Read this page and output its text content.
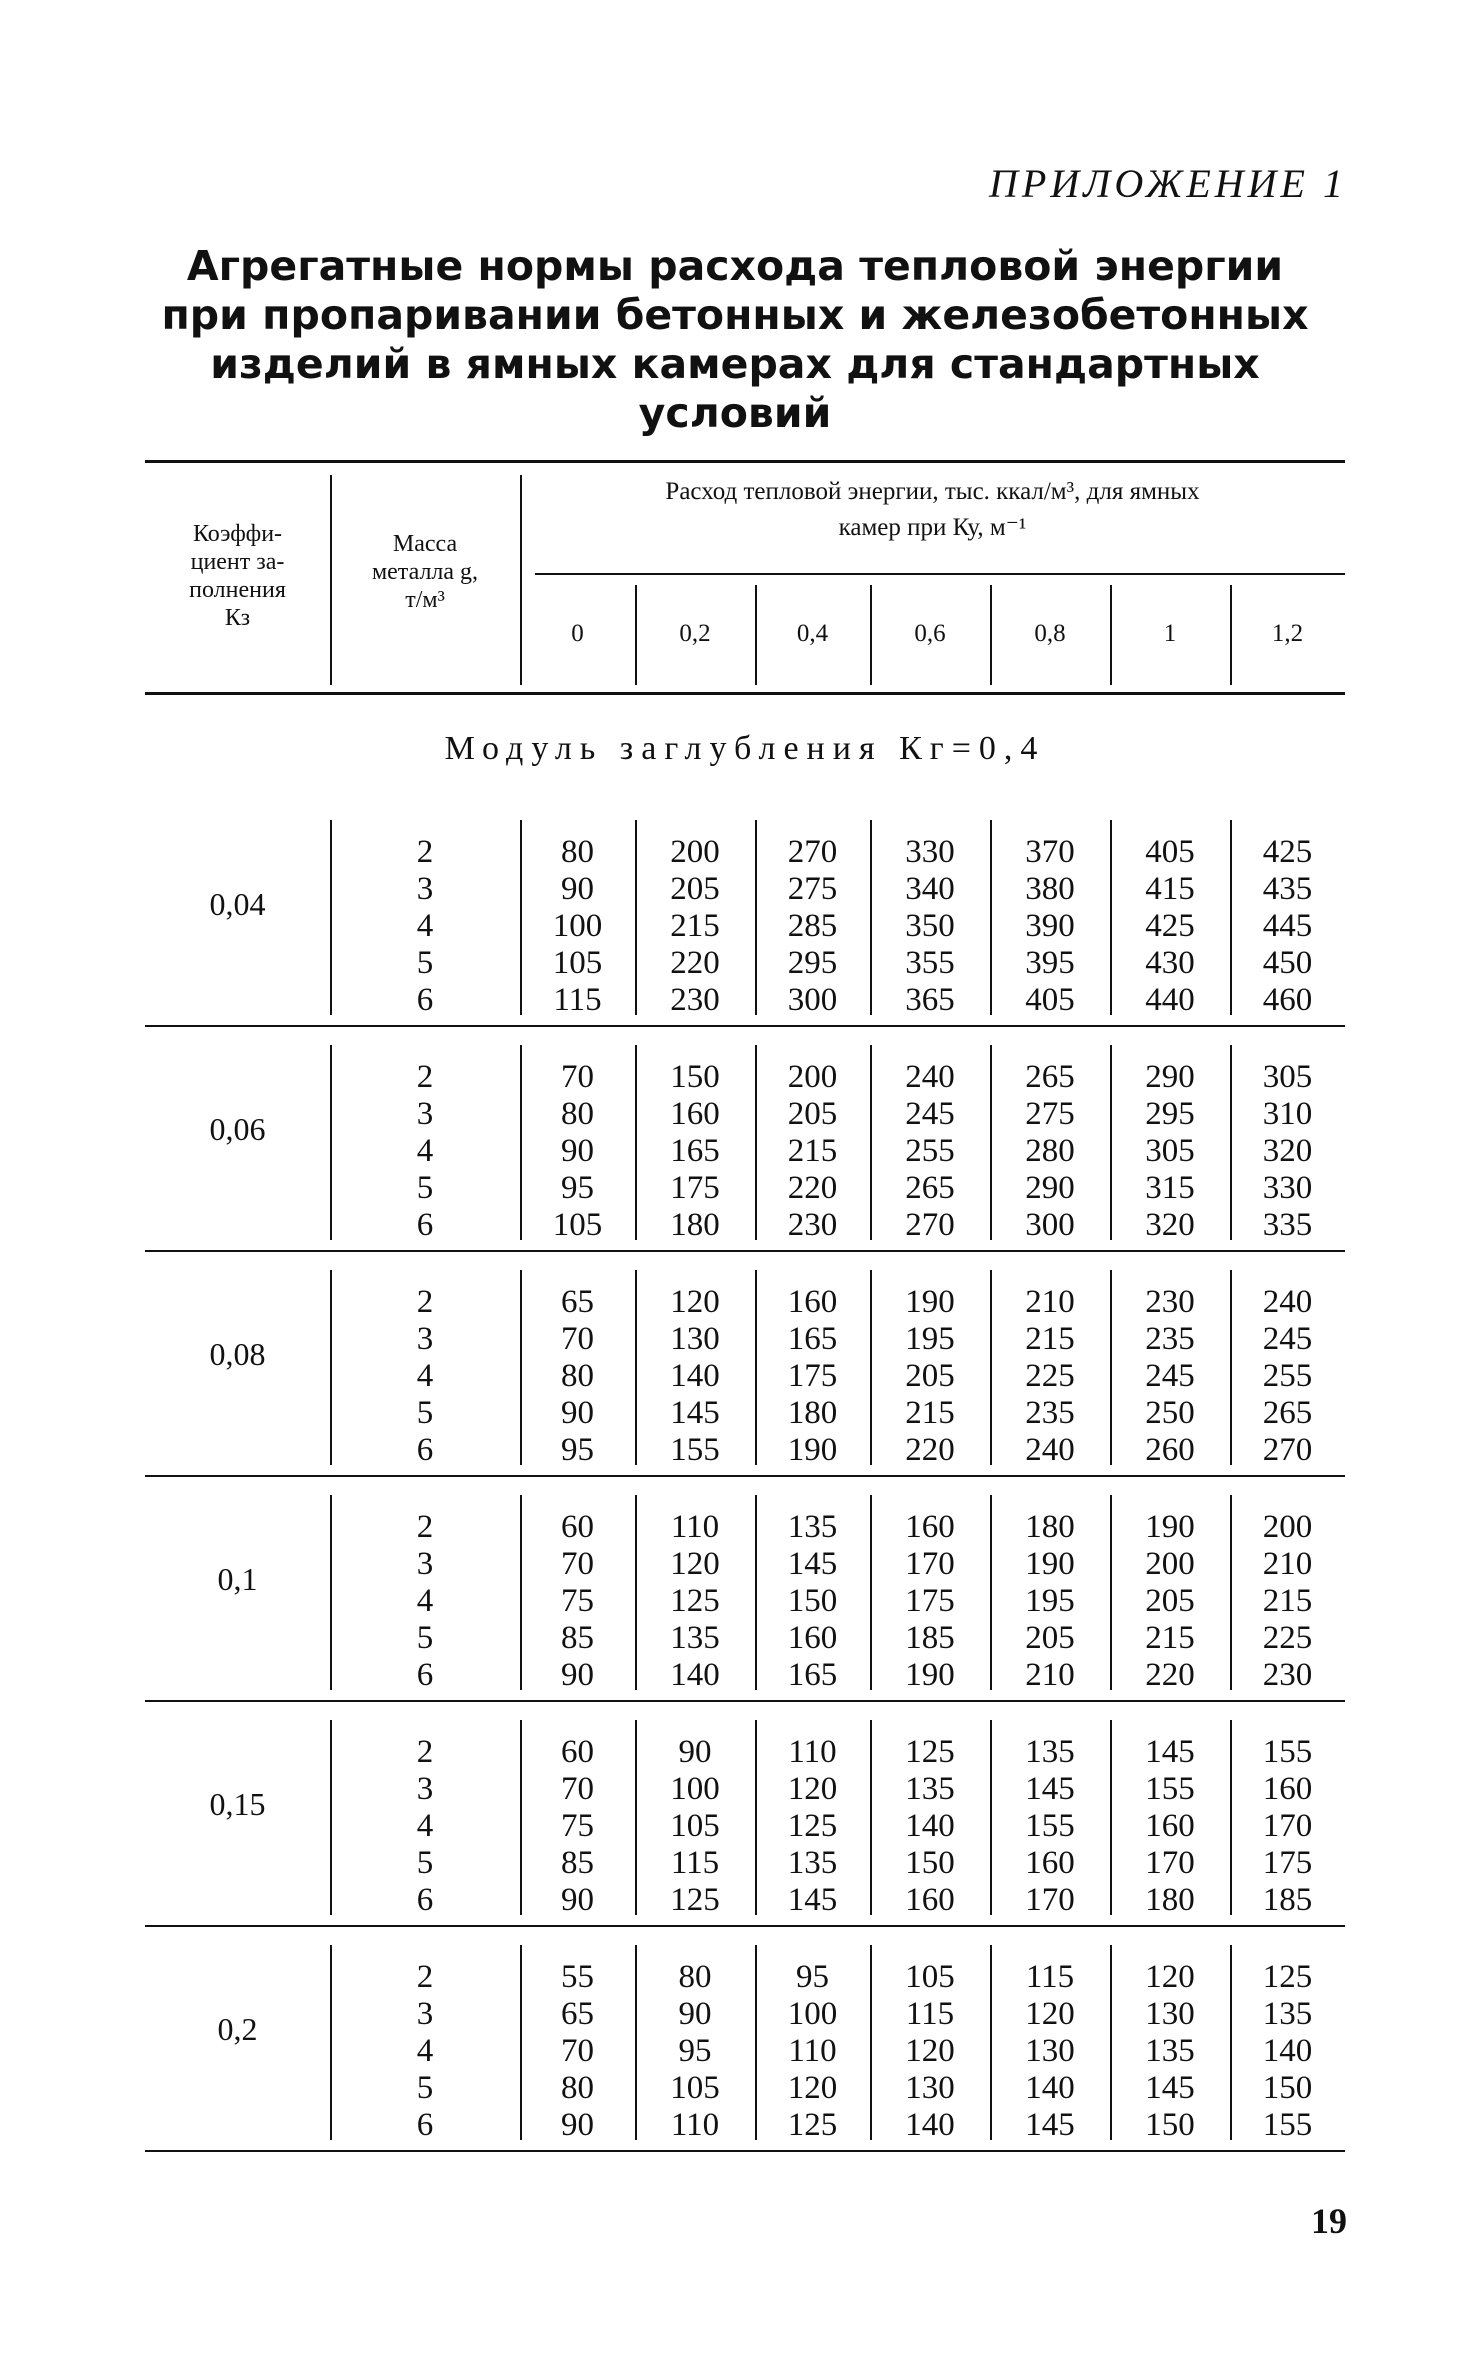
ПРИЛОЖЕНИЕ 1
Агрегатные нормы расхода тепловой энергии
при пропаривании бетонных и железобетонных
изделий в ямных камерах для стандартных
условий
Коэффи-
циент за-
полнения
Кз
Масса
металла g,
т/м³
Расход тепловой энергии, тыс. ккал/м³, для ямных
камер при Ку, м⁻¹
0	0,2	0,4	0,6	0,8	1	1,2
Модуль заглубления Кг=0,4
0,04
2	80	200	270	330	370	405	425
3	90	205	275	340	380	415	435
4	100	215	285	350	390	425	445
5	105	220	295	355	395	430	450
6	115	230	300	365	405	440	460
0,06
2	70	150	200	240	265	290	305
3	80	160	205	245	275	295	310
4	90	165	215	255	280	305	320
5	95	175	220	265	290	315	330
6	105	180	230	270	300	320	335
0,08
2	65	120	160	190	210	230	240
3	70	130	165	195	215	235	245
4	80	140	175	205	225	245	255
5	90	145	180	215	235	250	265
6	95	155	190	220	240	260	270
0,1
2	60	110	135	160	180	190	200
3	70	120	145	170	190	200	210
4	75	125	150	175	195	205	215
5	85	135	160	185	205	215	225
6	90	140	165	190	210	220	230
0,15
2	60	90	110	125	135	145	155
3	70	100	120	135	145	155	160
4	75	105	125	140	155	160	170
5	85	115	135	150	160	170	175
6	90	125	145	160	170	180	185
0,2
2	55	80	95	105	115	120	125
3	65	90	100	115	120	130	135
4	70	95	110	120	130	135	140
5	80	105	120	130	140	145	150
6	90	110	125	140	145	150	155
19
